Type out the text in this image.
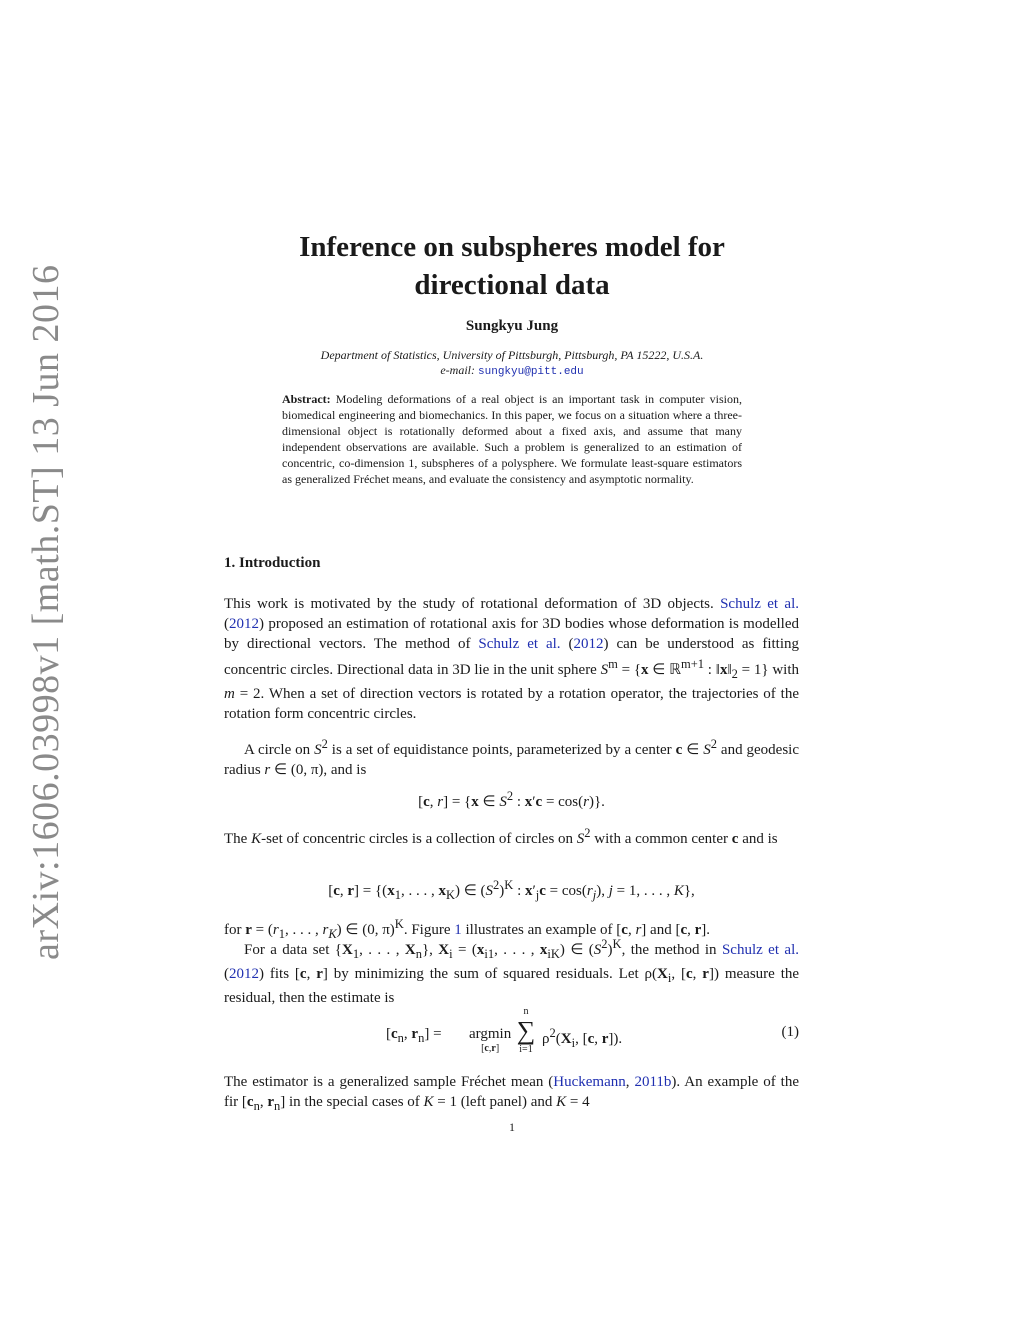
arXiv:1606.03998v1 [math.ST] 13 Jun 2016
Inference on subspheres model for
directional data
Sungkyu Jung
Department of Statistics, University of Pittsburgh, Pittsburgh, PA 15222, U.S.A.
e-mail: sungkyu@pitt.edu
Abstract: Modeling deformations of a real object is an important task in computer vision, biomedical engineering and biomechanics. In this paper, we focus on a situation where a three-dimensional object is rotationally deformed about a fixed axis, and assume that many independent observations are available. Such a problem is generalized to an estimation of concentric, co-dimension 1, subspheres of a polysphere. We formulate least-square estimators as generalized Fréchet means, and evaluate the consistency and asymptotic normality.
1. Introduction
This work is motivated by the study of rotational deformation of 3D objects. Schulz et al. (2012) proposed an estimation of rotational axis for 3D bodies whose deformation is modelled by directional vectors. The method of Schulz et al. (2012) can be understood as fitting concentric circles. Directional data in 3D lie in the unit sphere $S^m = \{x$ ∈ ℝ$^{m+1}$ : $‖x‖_2 = 1$} with m = 2. When a set of direction vectors is rotated by a rotation operator, the trajectories of the rotation form concentric circles.
A circle on $S^2$ is a set of equidistance points, parameterized by a center c ∈ $S^2$ and geodesic radius r ∈ (0, π), and is
[c, r] = {x ∈ $S^2$ : x′c = cos(r)}.
The K-set of concentric circles is a collection of circles on $S^2$ with a common center c and is
[c, $r] = \{(x_1$, . . . , $x_K$) ∈ $(S^2)^K$ : $x'_jc = \cos(r_j)$, j = 1, . . . , K},
for $r = (r_1$, . . . , $r_K$) ∈ (0, π)$^K$. Figure 1 illustrates an example of [c, r] and [c, r].
For a data set {$X_1$, . . . , $X_n$}, $X_i = (x_{i1}$, . . . , $x_{iK}$) ∈ $(S^2)^K$, the method in Schulz et al. (2012) fits [c, r] by minimizing the sum of squared residuals. Let $\rho(X_i$, [c, r]) measure the residual, then the estimate is
[$c_n$, $r_n] = argmin$
[c,r]
n
∑
i=1
$\rho^2(X_i$, [c, r]).	(1)
The estimator is a generalized sample Fréchet mean (Huckemann, 2011b). An example of the fir [$c_n$, $r_n$] in the special cases of K = 1 (left panel) and K = 4
1
